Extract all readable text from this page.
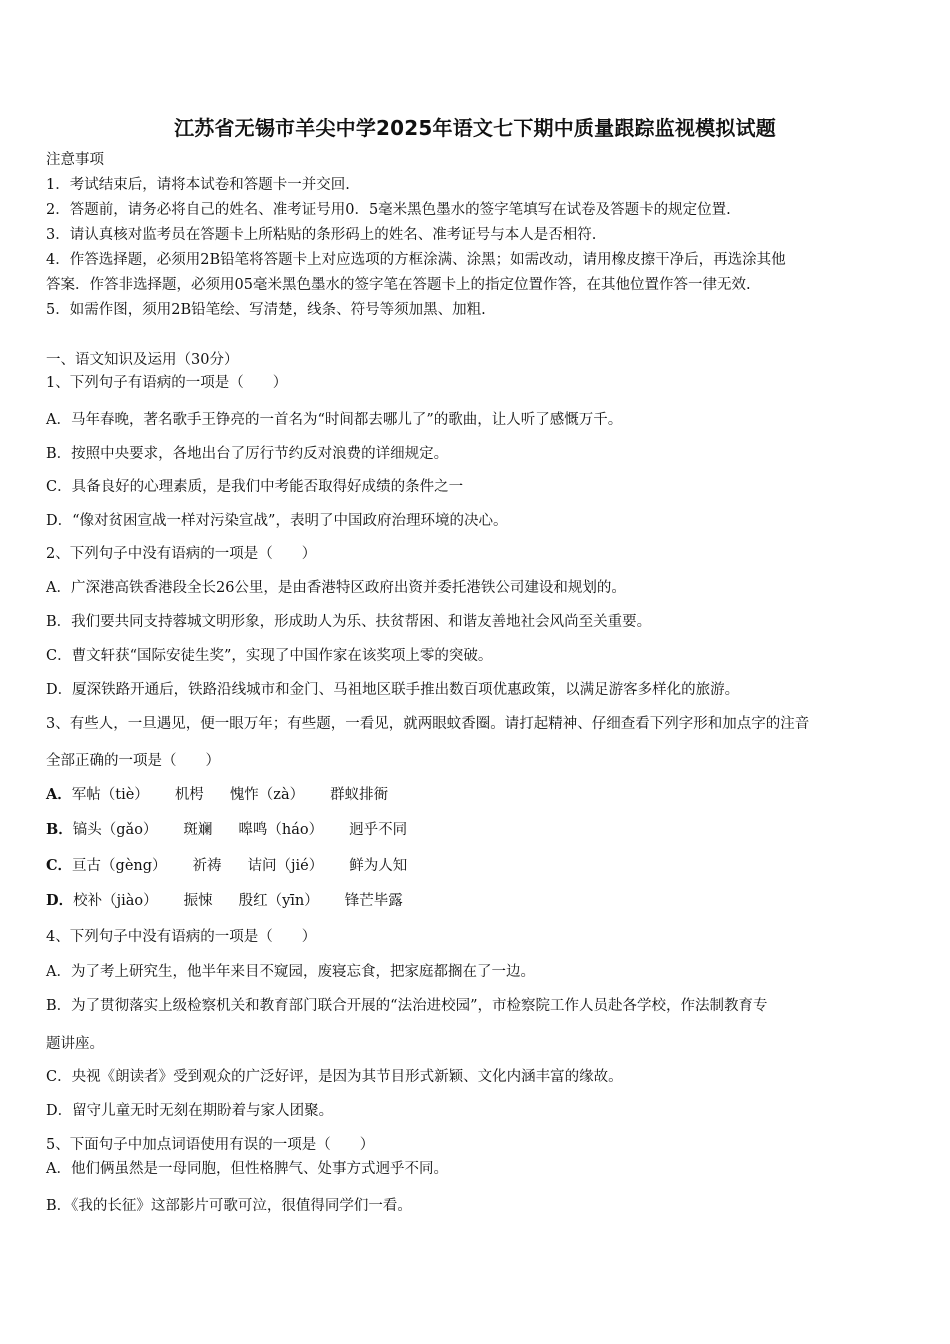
江苏省无锡市羊尖中学2025年语文七下期中质量跟踪监视模拟试题
注意事项
1．考试结束后，请将本试卷和答题卡一并交回.
2．答题前，请务必将自己的姓名、准考证号用0．5毫米黑色墨水的签字笔填写在试卷及答题卡的规定位置.
3．请认真核对监考员在答题卡上所粘贴的条形码上的姓名、准考证号与本人是否相符.
4．作答选择题，必须用2B铅笔将答题卡上对应选项的方框涂满、涂黑；如需改动，请用橡皮擦干净后，再选涂其他
答案．作答非选择题，必须用05毫米黑色墨水的签字笔在答题卡上的指定位置作答，在其他位置作答一律无效.
5．如需作图，须用2B铅笔绘、写清楚，线条、符号等须加黑、加粗.
一、语文知识及运用（30分）
1、下列句子有语病的一项是（　　）
A．马年春晚，著名歌手王铮亮的一首名为“时间都去哪儿了”的歌曲，让人听了感慨万千。
B．按照中央要求，各地出台了厉行节约反对浪费的详细规定。
C．具备良好的心理素质，是我们中考能否取得好成绩的条件之一
D．“像对贫困宣战一样对污染宣战”，表明了中国政府治理环境的决心。
2、下列句子中没有语病的一项是（　　）
A．广深港高铁香港段全长26公里，是由香港特区政府出资并委托港铁公司建设和规划的。
B．我们要共同支持蓉城文明形象，形成助人为乐、扶贫帮困、和谐友善地社会风尚至关重要。
C．曹文轩获“国际安徒生奖”，实现了中国作家在该奖项上零的突破。
D．厦深铁路开通后，铁路沿线城市和金门、马祖地区联手推出数百项优惠政策，以满足游客多样化的旅游。
3、有些人，一旦遇见，便一眼万年；有些题，一看见，就两眼蚊香圈。请打起精神、仔细查看下列字形和加点字的注音
全部正确的一项是（　　）
A．军帖（tiè） 机枵 愧怍（zà） 群蚁排衙
B．镐头（gǎo） 斑斓 嗥鸣（háo） 迥乎不同
C．亘古（gèng） 祈祷 诘问（jié） 鲜为人知
D．校补（jiào） 振悚 殷红（yīn） 锋芒毕露
4、下列句子中没有语病的一项是（　　）
A．为了考上研究生，他半年来目不窥园，废寝忘食，把家庭都搁在了一边。
B．为了贯彻落实上级检察机关和教育部门联合开展的“法治进校园”，市检察院工作人员赴各学校，作法制教育专
题讲座。
C．央视《朗读者》受到观众的广泛好评，是因为其节目形式新颖、文化内涵丰富的缘故。
D．留守儿童无时无刻在期盼着与家人团聚。
5、下面句子中加点词语使用有误的一项是（　　）
A．他们俩虽然是一母同胞，但性格脾气、处事方式迥乎不同。
B．《我的长征》这部影片可歌可泣，很值得同学们一看。
